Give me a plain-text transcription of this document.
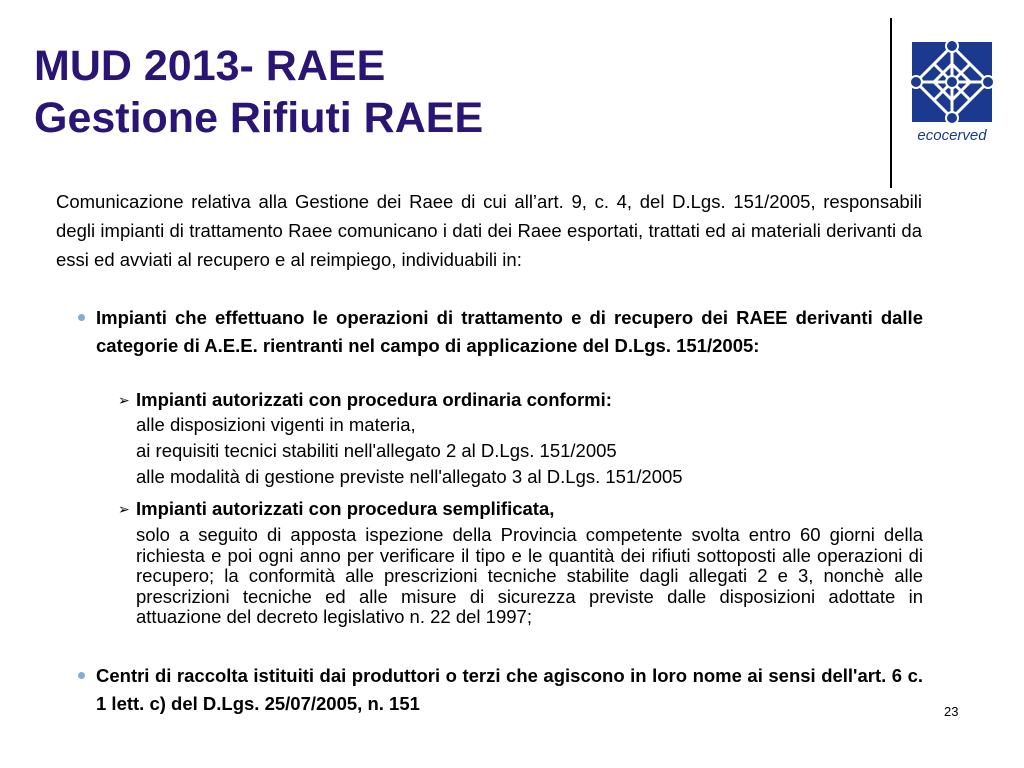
MUD 2013- RAEE
Gestione Rifiuti RAEE	ecocerved

Comunicazione relativa alla Gestione dei Raee di cui all’art. 9, c. 4, del D.Lgs. 151/2005, responsabili degli impianti di trattamento Raee comunicano i dati dei Raee esportati, trattati ed ai materiali derivanti da essi ed avviati al recupero e al reimpiego, individuabili in:

Impianti che effettuano le operazioni di trattamento e di recupero dei RAEE derivanti dalle categorie di A.E.E. rientranti nel campo di applicazione del D.Lgs. 151/2005:

➢ Impianti autorizzati con procedura ordinaria conformi:

alle disposizioni vigenti in materia,

ai requisiti tecnici stabiliti nell'allegato 2 al D.Lgs. 151/2005

alle modalità di gestione previste nell'allegato 3 al D.Lgs. 151/2005

➢ Impianti autorizzati con procedura semplificata,

solo a seguito di apposta ispezione della Provincia competente svolta entro 60 giorni della richiesta e poi ogni anno per verificare il tipo e le quantità dei rifiuti sottoposti alle operazioni di recupero; la conformità alle prescrizioni tecniche stabilite dagli allegati 2 e 3, nonchè alle prescrizioni tecniche ed alle misure di sicurezza previste dalle disposizioni adottate in attuazione del decreto legislativo n. 22 del 1997;

Centri di raccolta istituiti dai produttori o terzi che agiscono in loro nome ai sensi dell'art. 6 c. 1 lett. c) del D.Lgs. 25/07/2005, n. 151	23
